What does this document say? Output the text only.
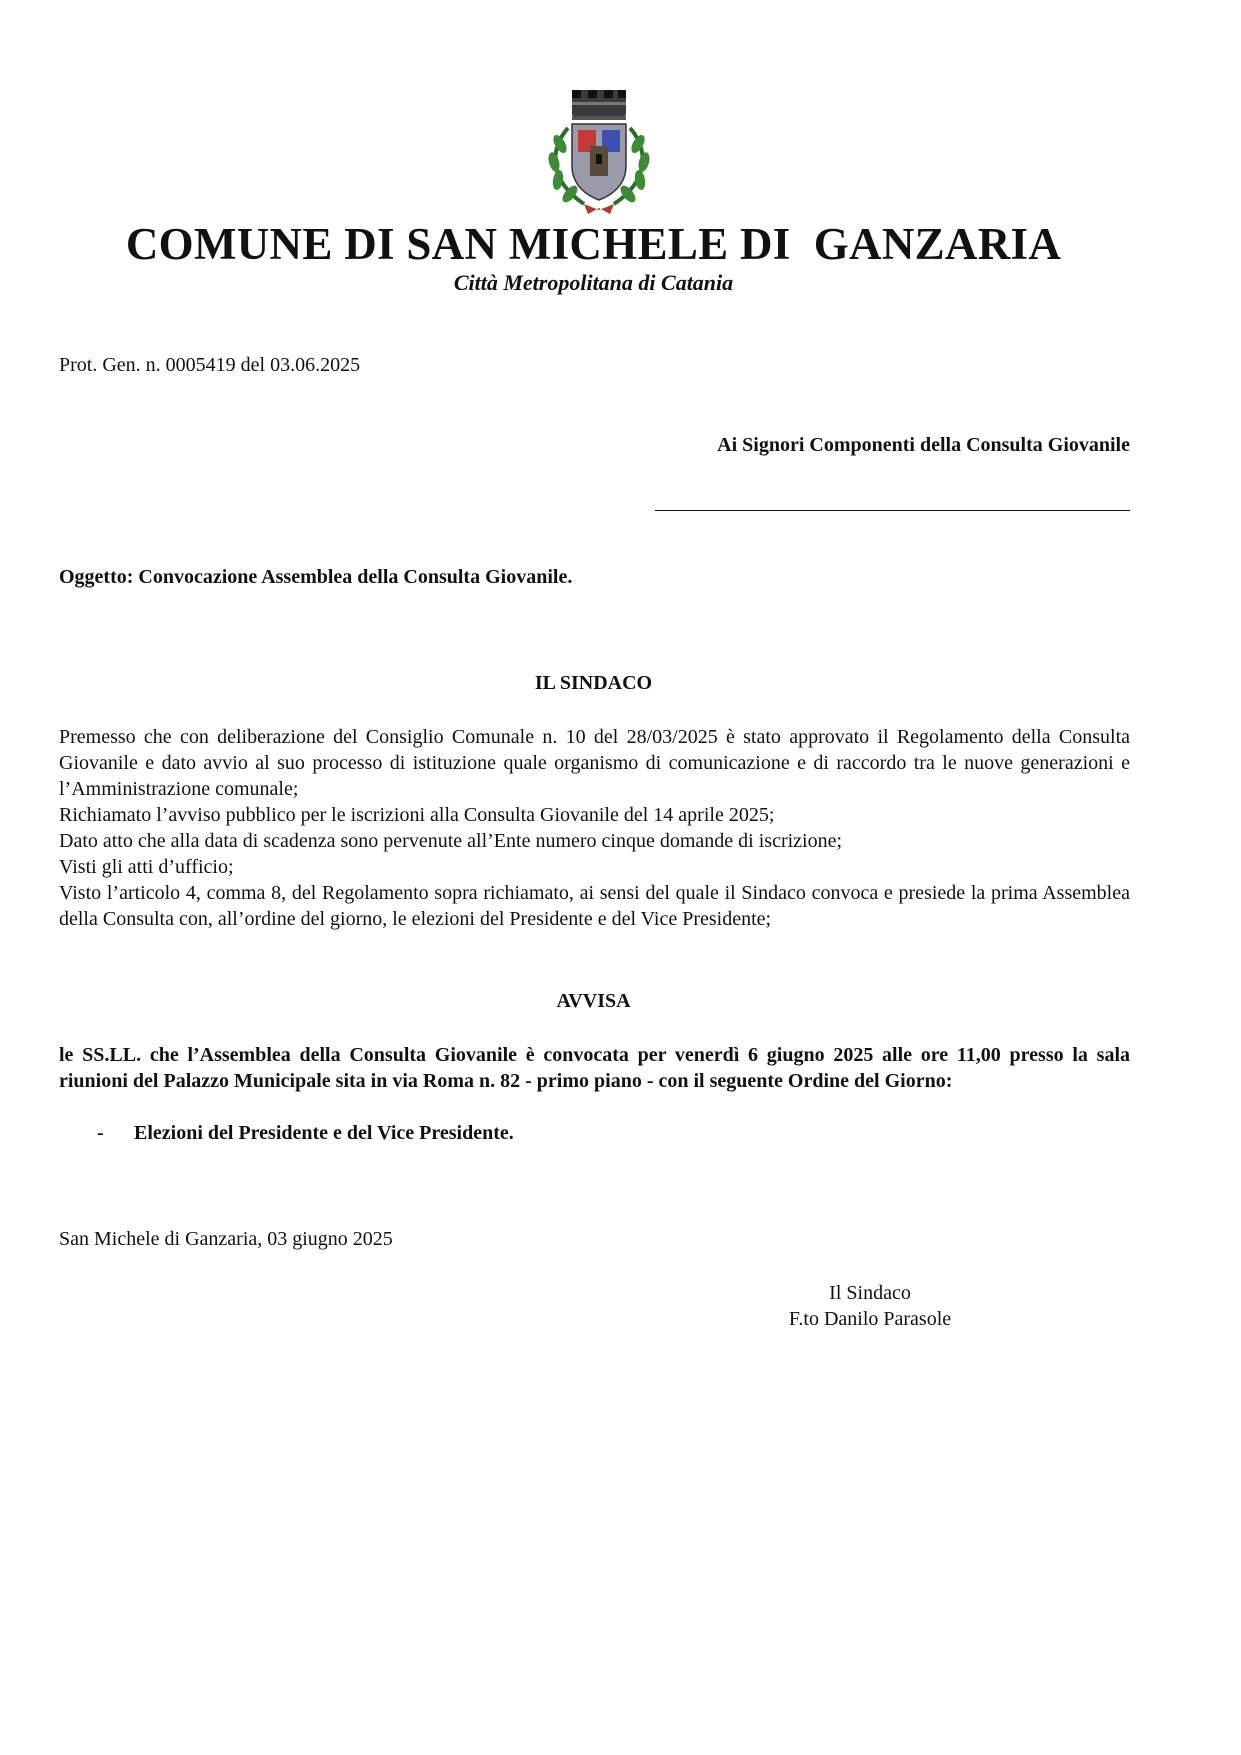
COMUNE DI SAN MICHELE DI  GANZARIA
Città Metropolitana di Catania
Prot. Gen. n. 0005419 del 03.06.2025
Ai Signori Componenti della Consulta Giovanile
Oggetto: Convocazione Assemblea della Consulta Giovanile.
IL SINDACO

Premesso che con deliberazione del Consiglio Comunale n. 10 del 28/03/2025 è stato approvato il Regolamento della Consulta Giovanile e dato avvio al suo processo di istituzione quale organismo di comunicazione e di raccordo tra le nuove generazioni e l’Amministrazione comunale;

Richiamato l’avviso pubblico per le iscrizioni alla Consulta Giovanile del 14 aprile 2025;

Dato atto che alla data di scadenza sono pervenute all’Ente numero cinque domande di iscrizione;

Visti gli atti d’ufficio;

Visto l’articolo 4, comma 8, del Regolamento sopra richiamato, ai sensi del quale il Sindaco convoca e presiede la prima Assemblea della Consulta con, all’ordine del giorno, le elezioni del Presidente e del Vice Presidente;

AVVISA
le SS.LL. che l’Assemblea della Consulta Giovanile è convocata per venerdì 6 giugno 2025 alle ore 11,00 presso la sala riunioni del Palazzo Municipale sita in via Roma n. 82 - primo piano - con il seguente Ordine del Giorno:
- Elezioni del Presidente e del Vice Presidente.
San Michele di Ganzaria, 03 giugno 2025
Il Sindaco
F.to Danilo Parasole
